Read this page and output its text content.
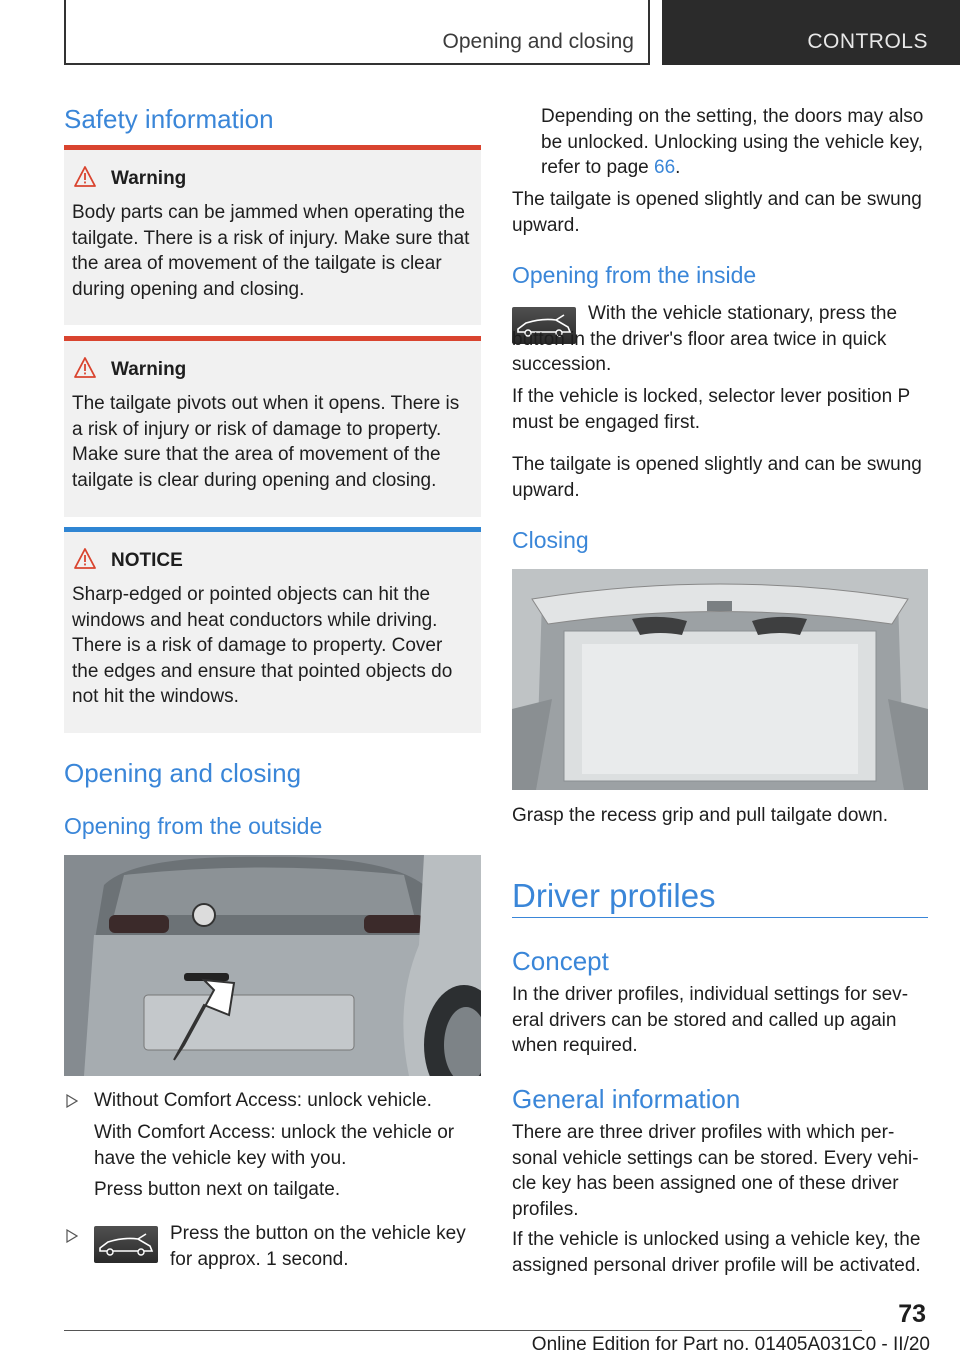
Opening and closing	CONTROLS
Safety information
Warning
Body parts can be jammed when operating the tailgate. There is a risk of injury. Make sure that the area of movement of the tailgate is clear during opening and closing.
Warning
The tailgate pivots out when it opens. There is a risk of injury or risk of damage to property. Make sure that the area of movement of the tailgate is clear during opening and closing.
NOTICE
Sharp-edged or pointed objects can hit the windows and heat conductors while driving. There is a risk of damage to property. Cover the edges and ensure that pointed objects do not hit the windows.
Opening and closing
Opening from the outside
Without Comfort Access: unlock vehicle.
With Comfort Access: unlock the vehicle or have the vehicle key with you.
Press button next on tailgate.
Press the button on the vehicle key for approx. 1 second.
Depending on the setting, the doors may also be unlocked. Unlocking using the vehicle key, refer to page 66.
The tailgate is opened slightly and can be swung upward.
Opening from the inside
With the vehicle stationary, press the button in the driver's floor area twice in quick succession.
If the vehicle is locked, selector lever position P must be engaged first.
The tailgate is opened slightly and can be swung upward.
Closing
Grasp the recess grip and pull tailgate down.
Driver profiles
Concept
In the driver profiles, individual settings for several drivers can be stored and called up again when required.
General information
There are three driver profiles with which personal vehicle settings can be stored. Every vehicle key has been assigned one of these driver profiles.
If the vehicle is unlocked using a vehicle key, the assigned personal driver profile will be activated.
73
Online Edition for Part no. 01405A031C0 - II/20
